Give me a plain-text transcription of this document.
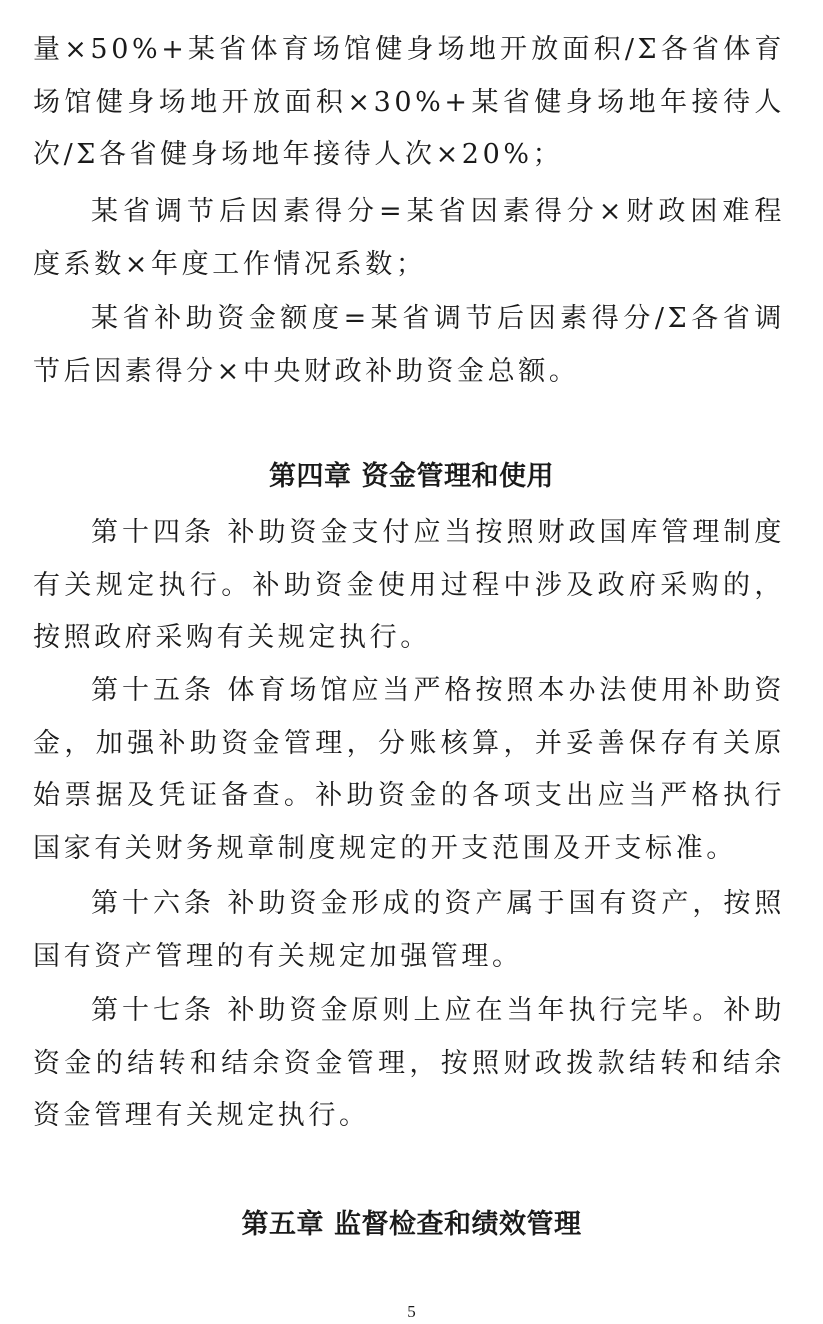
量×50%+某省体育场馆健身场地开放面积/Σ各省体育场馆健身场地开放面积×30%+某省健身场地年接待人次/Σ各省健身场地年接待人次×20%；

某省调节后因素得分=某省因素得分×财政困难程度系数×年度工作情况系数；

某省补助资金额度=某省调节后因素得分/Σ各省调节后因素得分×中央财政补助资金总额。

第四章 资金管理和使用

第十四条 补助资金支付应当按照财政国库管理制度有关规定执行。补助资金使用过程中涉及政府采购的，按照政府采购有关规定执行。

第十五条 体育场馆应当严格按照本办法使用补助资金，加强补助资金管理，分账核算，并妥善保存有关原始票据及凭证备查。补助资金的各项支出应当严格执行国家有关财务规章制度规定的开支范围及开支标准。

第十六条 补助资金形成的资产属于国有资产，按照国有资产管理的有关规定加强管理。

第十七条 补助资金原则上应在当年执行完毕。补助资金的结转和结余资金管理，按照财政拨款结转和结余资金管理有关规定执行。

第五章 监督检查和绩效管理
5
